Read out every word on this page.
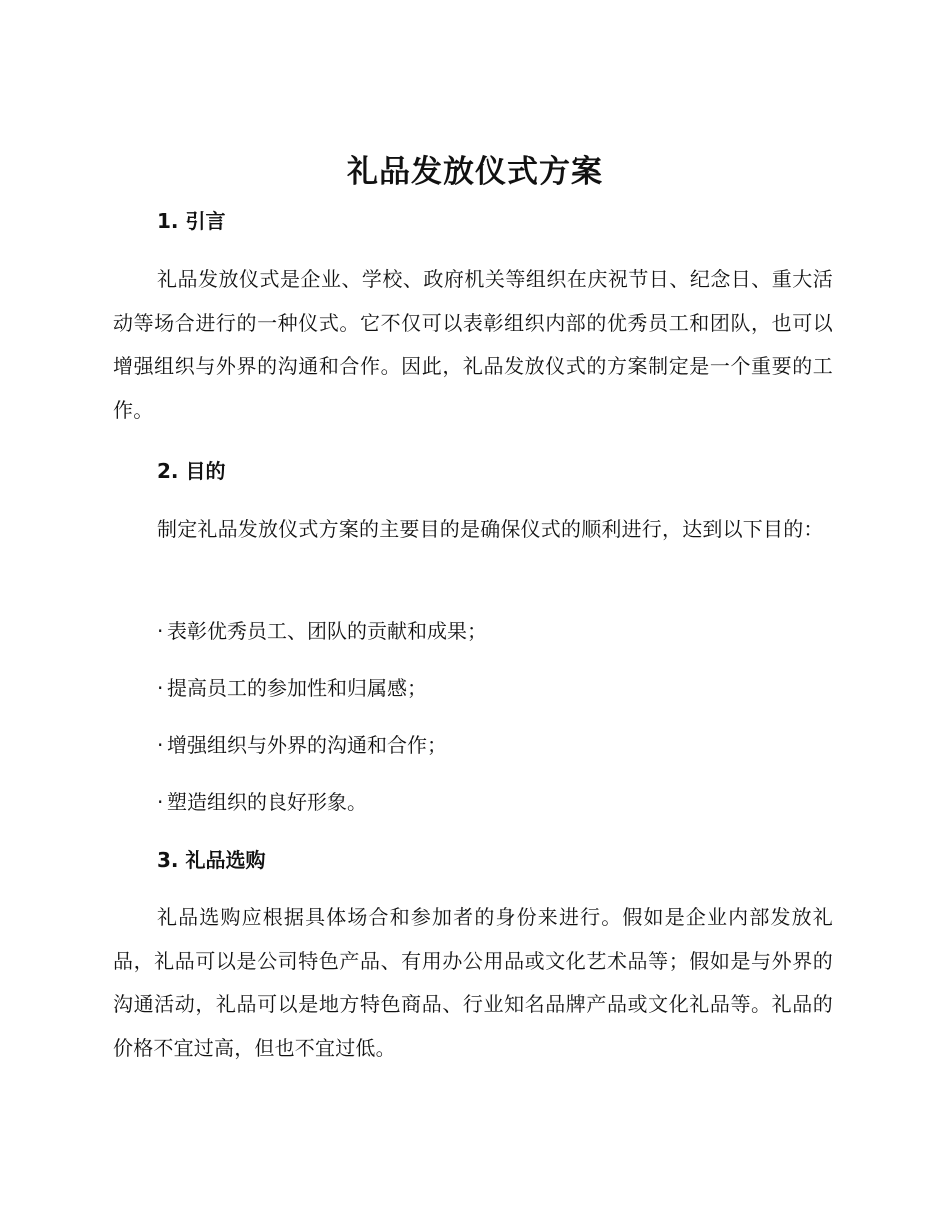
礼品发放仪式方案
1. 引言
礼品发放仪式是企业、学校、政府机关等组织在庆祝节日、纪念日、重大活动等场合进行的一种仪式。它不仅可以表彰组织内部的优秀员工和团队，也可以增强组织与外界的沟通和合作。因此，礼品发放仪式的方案制定是一个重要的工作。
2. 目的
制定礼品发放仪式方案的主要目的是确保仪式的顺利进行，达到以下目的：
· 表彰优秀员工、团队的贡献和成果；
· 提高员工的参加性和归属感；
· 增强组织与外界的沟通和合作；
· 塑造组织的良好形象。
3. 礼品选购
礼品选购应根据具体场合和参加者的身份来进行。假如是企业内部发放礼品，礼品可以是公司特色产品、有用办公用品或文化艺术品等；假如是与外界的沟通活动，礼品可以是地方特色商品、行业知名品牌产品或文化礼品等。礼品的价格不宜过高，但也不宜过低。
